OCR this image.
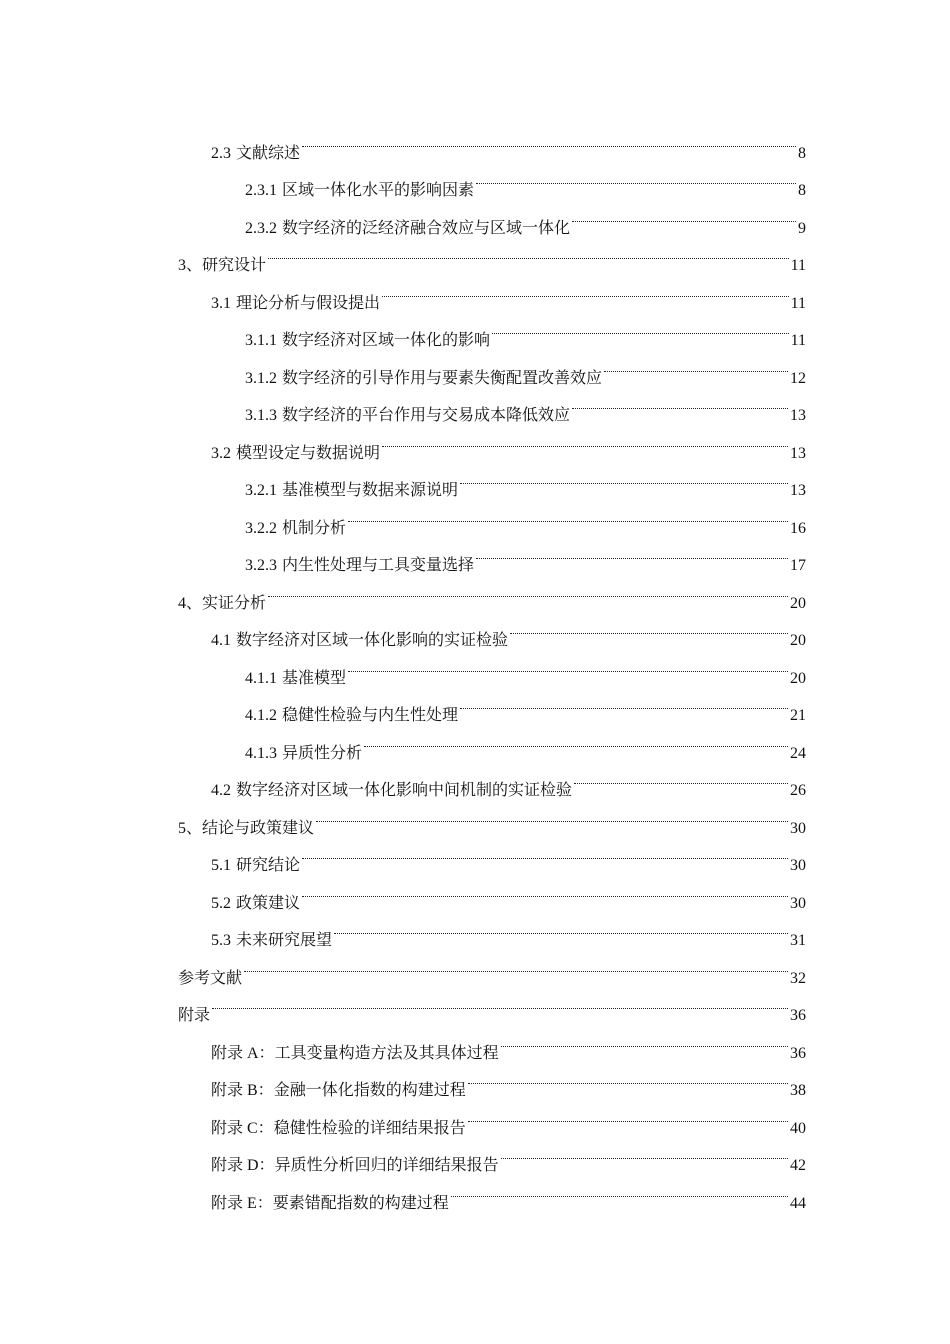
2.3 文献综述	8
2.3.1 区域一体化水平的影响因素	8
2.3.2 数字经济的泛经济融合效应与区域一体化	9
3、 研究设计	11
3.1 理论分析与假设提出	11
3.1.1 数字经济对区域一体化的影响	11
3.1.2 数字经济的引导作用与要素失衡配置改善效应	12
3.1.3 数字经济的平台作用与交易成本降低效应	13
3.2 模型设定与数据说明	13
3.2.1 基准模型与数据来源说明	13
3.2.2 机制分析	16
3.2.3 内生性处理与工具变量选择	17
4、 实证分析	20
4.1 数字经济对区域一体化影响的实证检验	20
4.1.1 基准模型	20
4.1.2 稳健性检验与内生性处理	21
4.1.3 异质性分析	24
4.2 数字经济对区域一体化影响中间机制的实证检验	26
5、 结论与政策建议	30
5.1 研究结论	30
5.2 政策建议	30
5.3 未来研究展望	31
参考文献	32
附录	36
附录 A： 工具变量构造方法及其具体过程	36
附录 B： 金融一体化指数的构建过程	38
附录 C： 稳健性检验的详细结果报告	40
附录 D： 异质性分析回归的详细结果报告	42
附录 E： 要素错配指数的构建过程	44
